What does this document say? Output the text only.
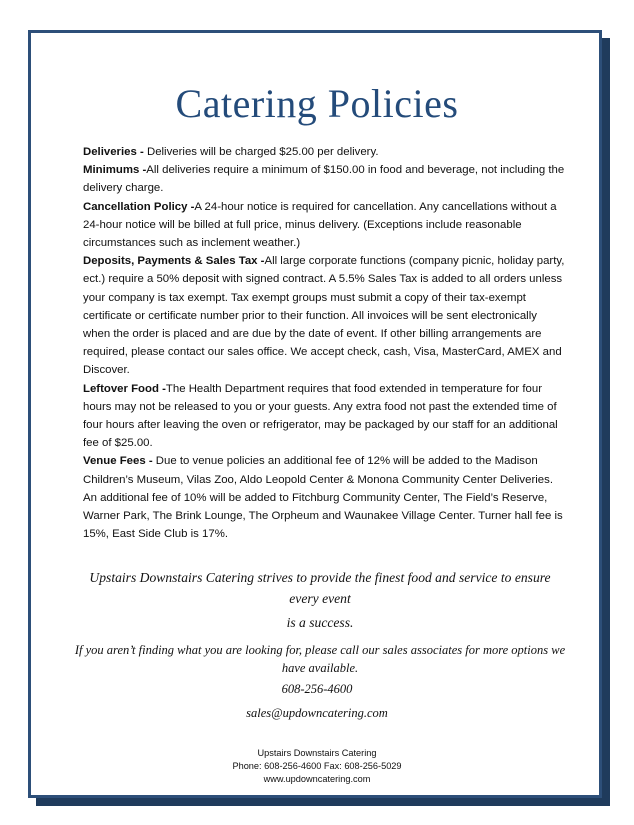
Catering Policies

Deliveries - Deliveries will be charged $25.00 per delivery.

Minimums -All deliveries require a minimum of $150.00 in food and beverage, not including the delivery charge.

Cancellation Policy -A 24-hour notice is required for cancellation. Any cancellations without a 24-hour notice will be billed at full price, minus delivery. (Exceptions include reasonable circumstances such as inclement weather.)

Deposits, Payments & Sales Tax -All large corporate functions (company picnic, holiday party, ect.) require a 50% deposit with signed contract. A 5.5% Sales Tax is added to all orders unless your company is tax exempt. Tax exempt groups must submit a copy of their tax-exempt certificate or certificate number prior to their function. All invoices will be sent electronically when the order is placed and are due by the date of event. If other billing arrangements are required, please contact our sales office. We accept check, cash, Visa, MasterCard, AMEX and Discover.

Leftover Food -The Health Department requires that food extended in temperature for four hours may not be released to you or your guests. Any extra food not past the extended time of four hours after leaving the oven or refrigerator, may be packaged by our staff for an additional fee of $25.00.

Venue Fees - Due to venue policies an additional fee of 12% will be added to the Madison Children’s Museum, Vilas Zoo, Aldo Leopold Center & Monona Community Center Deliveries. An additional fee of 10% will be added to Fitchburg Community Center, The Field’s Reserve, Warner Park, The Brink Lounge, The Orpheum and Waunakee Village Center. Turner hall fee is 15%, East Side Club is 17%.

Upstairs Downstairs Catering strives to provide the finest food and service to ensure every event
is a success.
If you aren’t finding what you are looking for, please call our sales associates for more options we have available.
608-256-4600
sales@updowncatering.com
Upstairs Downstairs Catering
Phone: 608-256-4600 Fax: 608-256-5029
www.updowncatering.com
